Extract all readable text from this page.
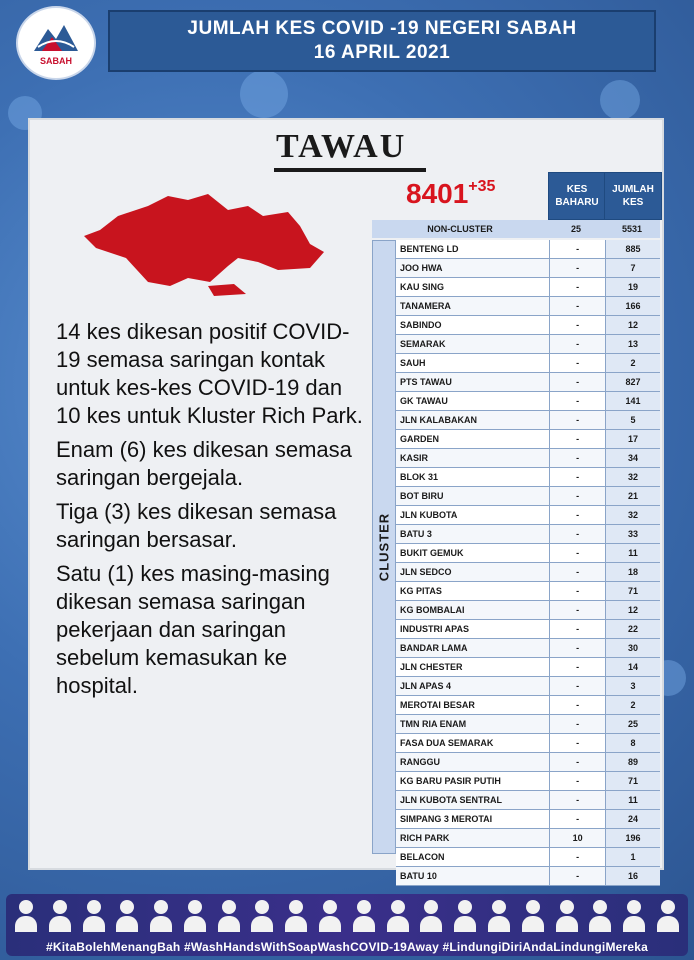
SABAH
JUMLAH KES COVID -19 NEGERI SABAH
16 APRIL 2021
TAWAU
8401+35

14 kes dikesan positif COVID-19 semasa saringan kontak untuk kes-kes COVID-19 dan 10 kes untuk Kluster Rich Park.

Enam (6) kes dikesan semasa saringan bergejala.

Tiga (3) kes dikesan semasa saringan bersasar.

Satu (1) kes masing-masing dikesan semasa saringan pekerjaan dan saringan sebelum kemasukan ke hospital.

KES BAHARU
JUMLAH KES
NON-CLUSTER	25	5531
CLUSTER
BENTENG LD	-	885
JOO HWA	-	7
KAU SING	-	19
TANAMERA	-	166
SABINDO	-	12
SEMARAK	-	13
SAUH	-	2
PTS TAWAU	-	827
GK TAWAU	-	141
JLN KALABAKAN	-	5
GARDEN	-	17
KASIR	-	34
BLOK 31	-	32
BOT BIRU	-	21
JLN KUBOTA	-	32
BATU 3	-	33
BUKIT GEMUK	-	11
JLN SEDCO	-	18
KG PITAS	-	71
KG BOMBALAI	-	12
INDUSTRI APAS	-	22
BANDAR LAMA	-	30
JLN CHESTER	-	14
JLN APAS 4	-	3
MEROTAI BESAR	-	2
TMN RIA ENAM	-	25
FASA DUA SEMARAK	-	8
RANGGU	-	89
KG BARU PASIR PUTIH	-	71
JLN KUBOTA SENTRAL	-	11
SIMPANG 3 MEROTAI	-	24
RICH PARK	10	196
BELACON	-	1
BATU 10	-	16
#KitaBolehMenangBah #WashHandsWithSoapWashCOVID-19Away #LindungiDiriAndaLindungiMereka
